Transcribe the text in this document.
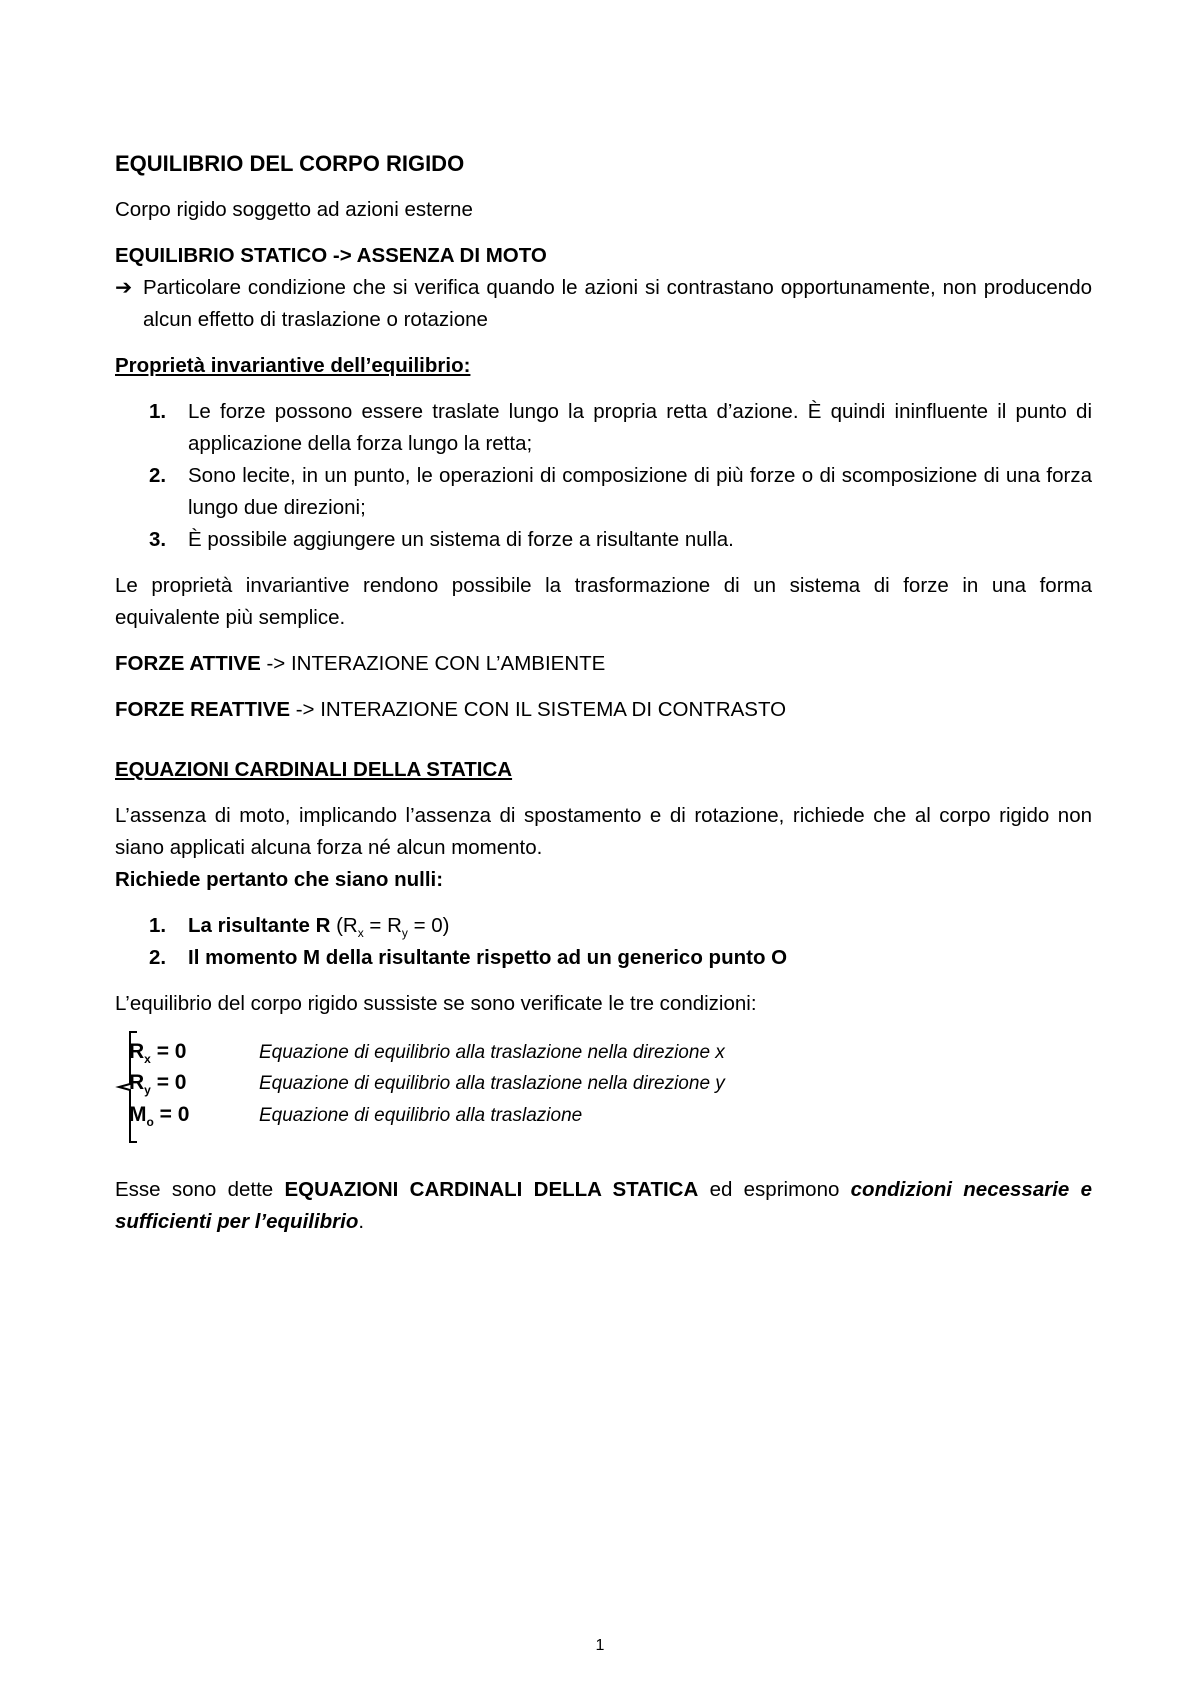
EQUILIBRIO DEL CORPO RIGIDO

Corpo rigido soggetto ad azioni esterne

EQUILIBRIO STATICO -> ASSENZA DI MOTO

➔ Particolare condizione che si verifica quando le azioni si contrastano opportunamente, non producendo alcun effetto di traslazione o rotazione

Proprietà invariantive dell’equilibrio:

1.	Le forze possono essere traslate lungo la propria retta d’azione. È quindi ininfluente il punto di applicazione della forza lungo la retta;
2.	Sono lecite, in un punto, le operazioni di composizione di più forze o di scomposizione di una forza lungo due direzioni;
3.	È possibile aggiungere un sistema di forze a risultante nulla.

Le proprietà invariantive rendono possibile la trasformazione di un sistema di forze in una forma equivalente più semplice.

FORZE ATTIVE -> INTERAZIONE CON L’AMBIENTE

FORZE REATTIVE -> INTERAZIONE CON IL SISTEMA DI CONTRASTO

EQUAZIONI CARDINALI DELLA STATICA

L’assenza di moto, implicando l’assenza di spostamento e di rotazione, richiede che al corpo rigido non siano applicati alcuna forza né alcun momento.

Richiede pertanto che siano nulli:

1.	La risultante R $(R_x = R_y = 0)$
2.	Il momento M della risultante rispetto ad un generico punto O

L’equilibrio del corpo rigido sussiste se sono verificate le tre condizioni:

$R_x = 0$	Equazione di equilibrio alla traslazione nella direzione x
$R_y = 0$	Equazione di equilibrio alla traslazione nella direzione y
$M_o = 0$	Equazione di equilibrio alla traslazione

Esse sono dette EQUAZIONI CARDINALI DELLA STATICA ed esprimono condizioni necessarie e sufficienti per l’equilibrio.

1
